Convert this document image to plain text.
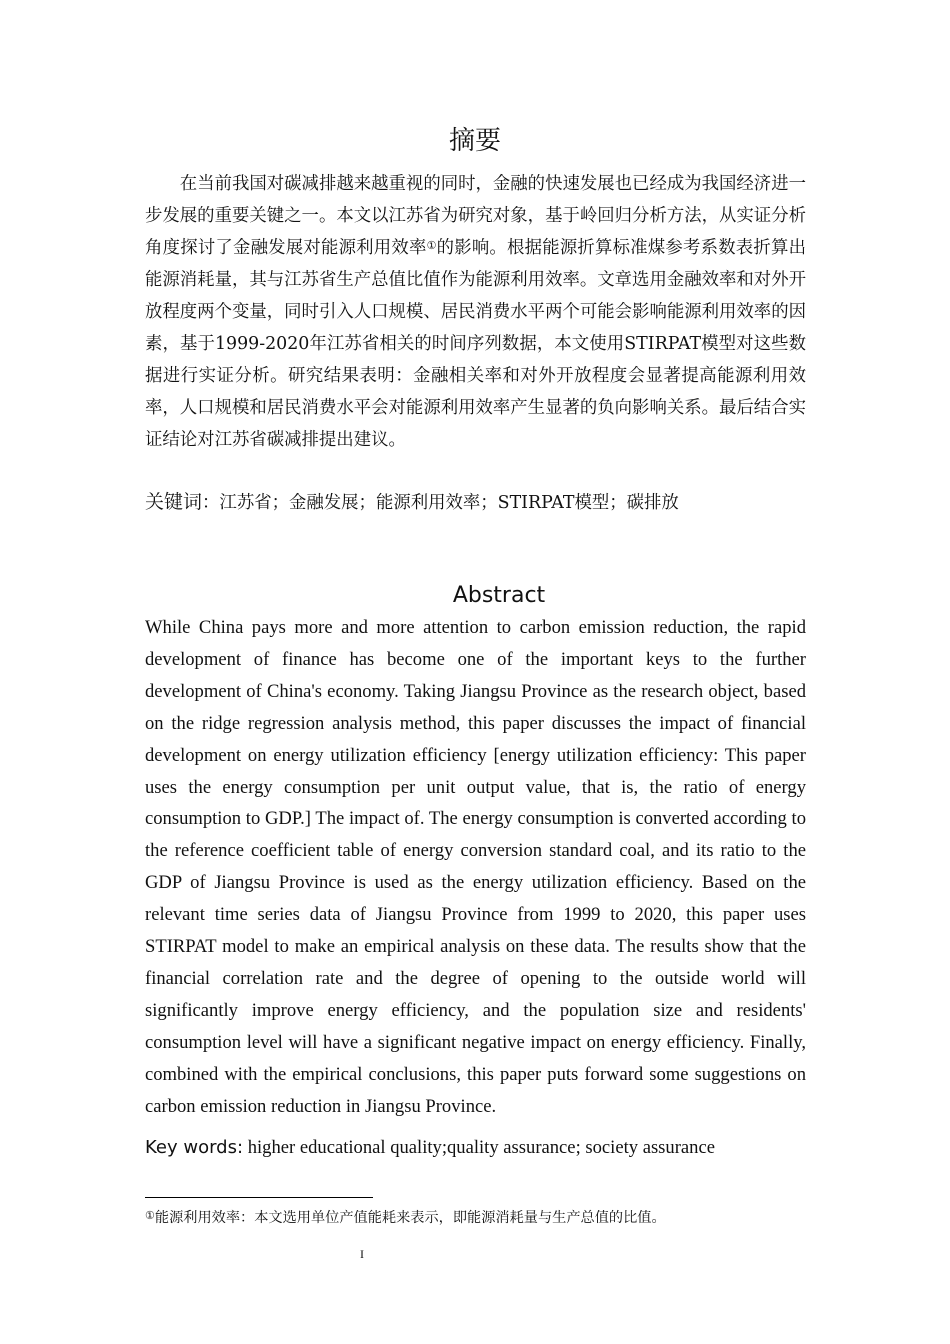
摘要

在当前我国对碳减排越来越重视的同时，金融的快速发展也已经成为我国经济进一步发展的重要关键之一。本文以江苏省为研究对象，基于岭回归分析方法，从实证分析角度探讨了金融发展对能源利用效率①的影响。根据能源折算标准煤参考系数表折算出能源消耗量，其与江苏省生产总值比值作为能源利用效率。文章选用金融效率和对外开放程度两个变量，同时引入人口规模、居民消费水平两个可能会影响能源利用效率的因素，基于1999-2020年江苏省相关的时间序列数据，本文使用STIRPAT模型对这些数据进行实证分析。研究结果表明：金融相关率和对外开放程度会显著提高能源利用效率，人口规模和居民消费水平会对能源利用效率产生显著的负向影响关系。最后结合实证结论对江苏省碳减排提出建议。

关键词：江苏省；金融发展；能源利用效率；STIRPAT模型；碳排放

Abstract

While China pays more and more attention to carbon emission reduction, the rapid development of finance has become one of the important keys to the further development of China's economy. Taking Jiangsu Province as the research object, based on the ridge regression analysis method, this paper discusses the impact of financial development on energy utilization efficiency [energy utilization efficiency: This paper uses the energy consumption per unit output value, that is, the ratio of energy consumption to GDP.] The impact of. The energy consumption is converted according to the reference coefficient table of energy conversion standard coal, and its ratio to the GDP of Jiangsu Province is used as the energy utilization efficiency. Based on the relevant time series data of Jiangsu Province from 1999 to 2020, this paper uses STIRPAT model to make an empirical analysis on these data. The results show that the financial correlation rate and the degree of opening to the outside world will significantly improve energy efficiency, and the population size and residents' consumption level will have a significant negative impact on energy efficiency. Finally, combined with the empirical conclusions, this paper puts forward some suggestions on carbon emission reduction in Jiangsu Province.

Key words: higher educational quality;quality assurance; society assurance

①能源利用效率：本文选用单位产值能耗来表示，即能源消耗量与生产总值的比值。

I
